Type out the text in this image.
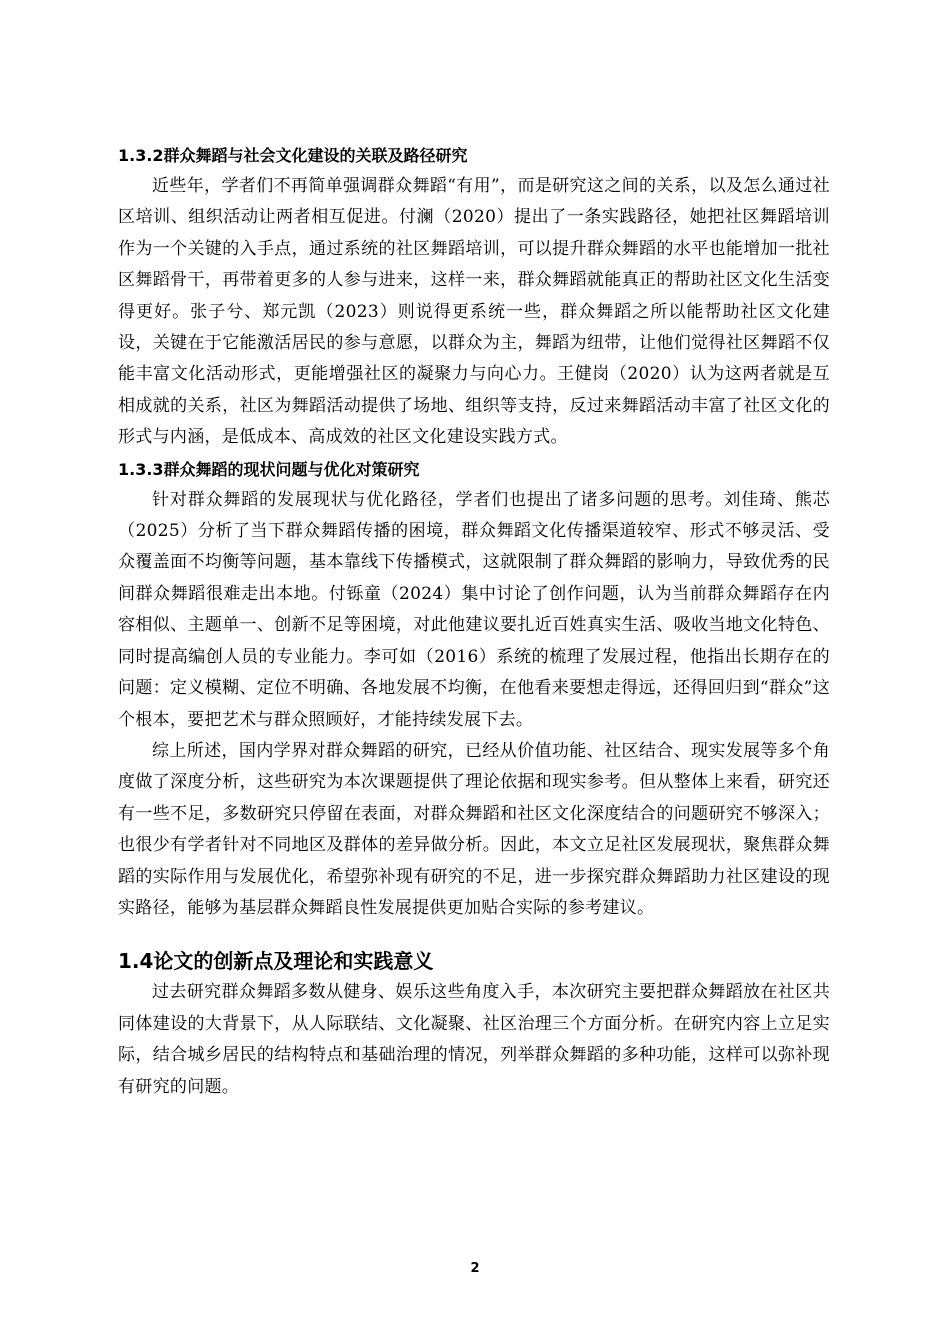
1.3.2群众舞蹈与社会文化建设的关联及路径研究

近些年，学者们不再简单强调群众舞蹈“有用”，而是研究这之间的关系，以及怎么通过社区培训、组织活动让两者相互促进。付澜（2020）提出了一条实践路径，她把社区舞蹈培训作为一个关键的入手点，通过系统的社区舞蹈培训，可以提升群众舞蹈的水平也能增加一批社区舞蹈骨干，再带着更多的人参与进来，这样一来，群众舞蹈就能真正的帮助社区文化生活变得更好。张子兮、郑元凯（2023）则说得更系统一些，群众舞蹈之所以能帮助社区文化建设，关键在于它能激活居民的参与意愿，以群众为主，舞蹈为纽带，让他们觉得社区舞蹈不仅能丰富文化活动形式，更能增强社区的凝聚力与向心力。王健岗（2020）认为这两者就是互相成就的关系，社区为舞蹈活动提供了场地、组织等支持，反过来舞蹈活动丰富了社区文化的形式与内涵，是低成本、高成效的社区文化建设实践方式。

1.3.3群众舞蹈的现状问题与优化对策研究

针对群众舞蹈的发展现状与优化路径，学者们也提出了诸多问题的思考。刘佳琦、熊芯（2025）分析了当下群众舞蹈传播的困境，群众舞蹈文化传播渠道较窄、形式不够灵活、受众覆盖面不均衡等问题，基本靠线下传播模式，这就限制了群众舞蹈的影响力，导致优秀的民间群众舞蹈很难走出本地。付铄童（2024）集中讨论了创作问题，认为当前群众舞蹈存在内容相似、主题单一、创新不足等困境，对此他建议要扎近百姓真实生活、吸收当地文化特色、同时提高编创人员的专业能力。李可如（2016）系统的梳理了发展过程，他指出长期存在的问题：定义模糊、定位不明确、各地发展不均衡，在他看来要想走得远，还得回归到“群众”这个根本，要把艺术与群众照顾好，才能持续发展下去。

综上所述，国内学界对群众舞蹈的研究，已经从价值功能、社区结合、现实发展等多个角度做了深度分析，这些研究为本次课题提供了理论依据和现实参考。但从整体上来看，研究还有一些不足，多数研究只停留在表面，对群众舞蹈和社区文化深度结合的问题研究不够深入；也很少有学者针对不同地区及群体的差异做分析。因此，本文立足社区发展现状，聚焦群众舞蹈的实际作用与发展优化，希望弥补现有研究的不足，进一步探究群众舞蹈助力社区建设的现实路径，能够为基层群众舞蹈良性发展提供更加贴合实际的参考建议。

1.4论文的创新点及理论和实践意义

过去研究群众舞蹈多数从健身、娱乐这些角度入手，本次研究主要把群众舞蹈放在社区共同体建设的大背景下，从人际联结、文化凝聚、社区治理三个方面分析。在研究内容上立足实际，结合城乡居民的结构特点和基础治理的情况，列举群众舞蹈的多种功能，这样可以弥补现有研究的问题。

2
